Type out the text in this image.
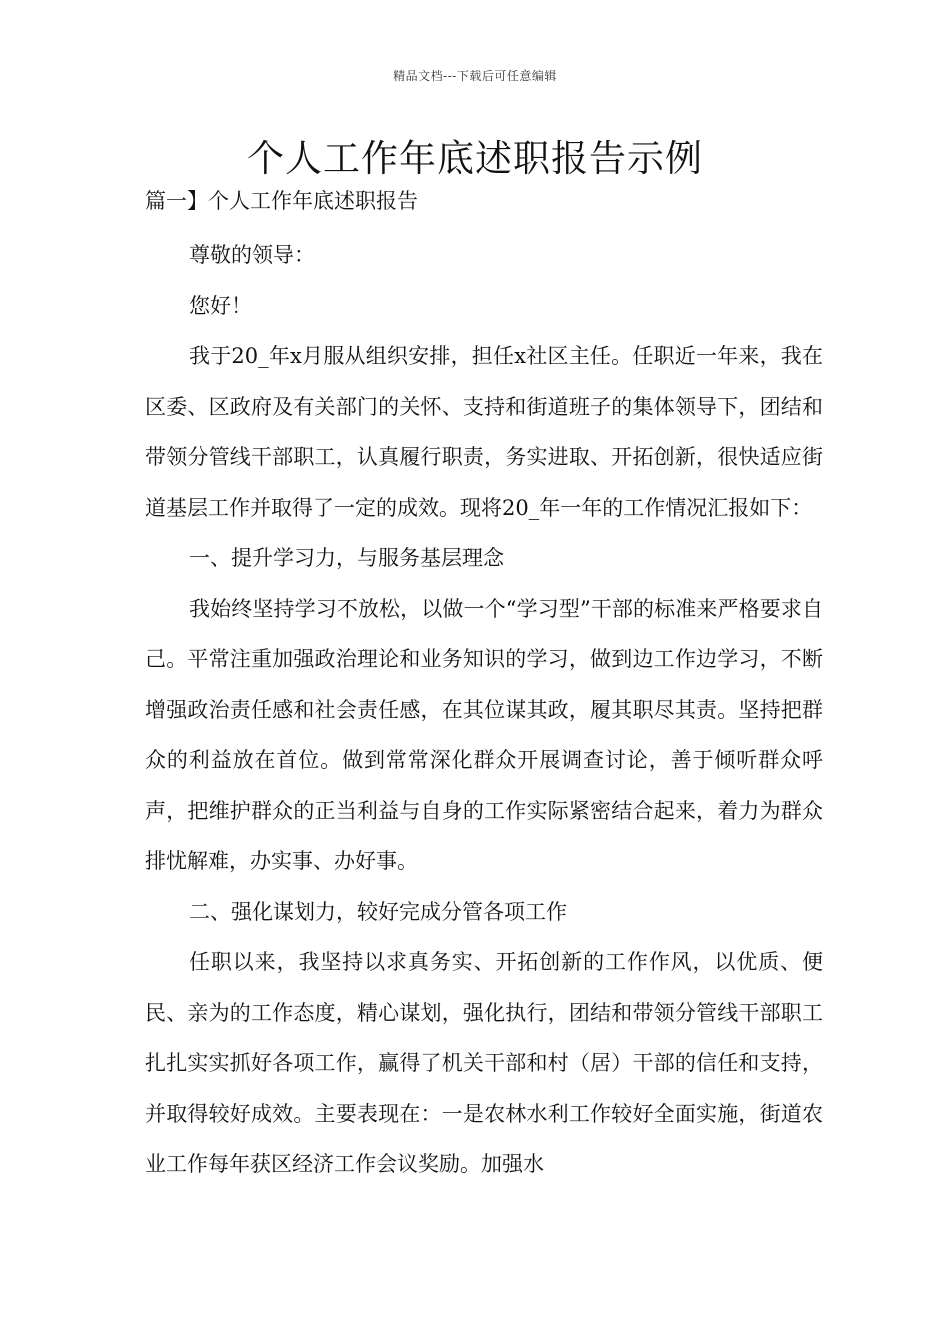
精品文档---下载后可任意编辑
个人工作年底述职报告示例

篇一】个人工作年底述职报告

尊敬的领导：

您好！

我于20_年x月服从组织安排，担任x社区主任。任职近一年来，我在区委、区政府及有关部门的关怀、支持和街道班子的集体领导下，团结和带领分管线干部职工，认真履行职责，务实进取、开拓创新，很快适应街道基层工作并取得了一定的成效。现将20_年一年的工作情况汇报如下：

一、提升学习力，与服务基层理念

我始终坚持学习不放松，以做一个“学习型”干部的标准来严格要求自己。平常注重加强政治理论和业务知识的学习，做到边工作边学习，不断增强政治责任感和社会责任感，在其位谋其政，履其职尽其责。坚持把群众的利益放在首位。做到常常深化群众开展调查讨论，善于倾听群众呼声，把维护群众的正当利益与自身的工作实际紧密结合起来，着力为群众排忧解难，办实事、办好事。

二、强化谋划力，较好完成分管各项工作

任职以来，我坚持以求真务实、开拓创新的工作作风，以优质、便民、亲为的工作态度，精心谋划，强化执行，团结和带领分管线干部职工扎扎实实抓好各项工作，赢得了机关干部和村（居）干部的信任和支持，并取得较好成效。主要表现在：一是农林水利工作较好全面实施，街道农业工作每年获区经济工作会议奖励。加强水
